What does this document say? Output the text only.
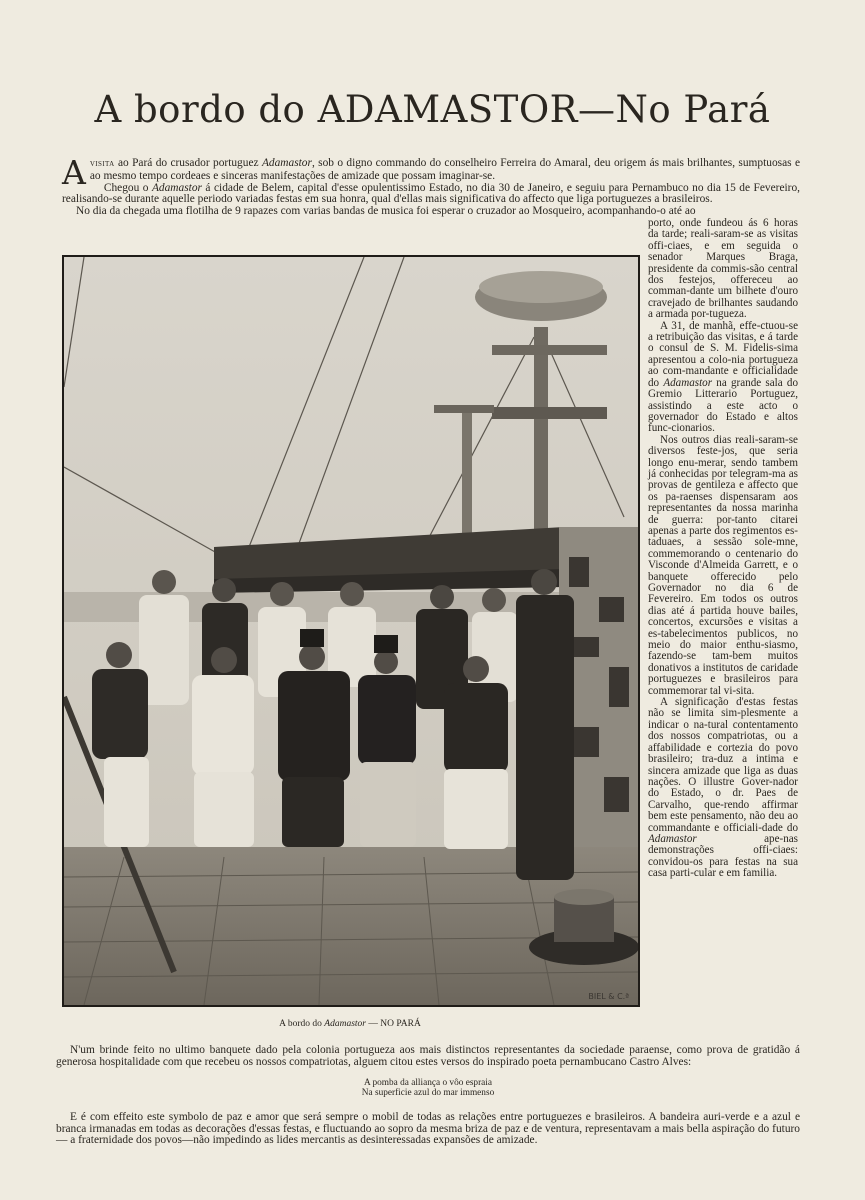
A bordo do ADAMASTOR—No Pará

Avisita ao Pará do crusador portuguez Adamastor, sob o digno commando do conselheiro Ferreira do Amaral, deu origem ás mais brilhantes, sumptuosas e ao mesmo tempo cordeaes e sinceras manifestações de amizade que possam imaginar-se.

Chegou o Adamastor á cidade de Belem, capital d'esse opulentissimo Estado, no dia 30 de Janeiro, e seguiu para Pernambuco no dia 15 de Fevereiro, realisando-se durante aquelle periodo variadas festas em sua honra, qual d'ellas mais significativa do affecto que liga portuguezes a brasileiros.

No dia da chegada uma flotilha de 9 rapazes com varias bandas de musica foi esperar o cruzador ao Mosqueiro, acompanhando-o até ao

BIEL & C.ª
A bordo do Adamastor — NO PARÁ

porto, onde fundeou ás 6 horas da tarde; reali-saram-se as visitas offi-ciaes, e em seguida o senador Marques Braga, presidente da commis-são central dos festejos, offereceu ao comman-dante um bilhete d'ouro cravejado de brilhantes saudando a armada por-tugueza.

A 31, de manhã, effe-ctuou-se a retribuição das visitas, e á tarde o consul de S. M. Fidelis-sima apresentou a colo-nia portugueza ao com-mandante e officialidade do Adamastor na grande sala do Gremio Litterario Portuguez, assistindo a este acto o governador do Estado e altos func-cionarios.

Nos outros dias reali-saram-se diversos feste-jos, que seria longo enu-merar, sendo tambem já conhecidas por telegram-ma as provas de gentileza e affecto que os pa-raenses dispensaram aos representantes da nossa marinha de guerra: por-tanto citarei apenas a parte dos regimentos es-taduaes, a sessão sole-mne, commemorando o centenario do Visconde d'Almeida Garrett, e o banquete offerecido pelo Governador no dia 6 de Fevereiro. Em todos os outros dias até á partida houve bailes, concertos, excursões e visitas a es-tabelecimentos publicos, no meio do maior enthu-siasmo, fazendo-se tam-bem muitos donativos a institutos de caridade portuguezes e brasileiros para commemorar tal vi-sita.

A significação d'estas festas não se limita sim-plesmente a indicar o na-tural contentamento dos nossos compatriotas, ou a affabilidade e cortezia do povo brasileiro; tra-duz a intima e sincera amizade que liga as duas nações. O illustre Gover-nador do Estado, o dr. Paes de Carvalho, que-rendo affirmar bem este pensamento, não deu ao commandante e officiali-dade do Adamastor ape-nas demonstrações offi-ciaes: convidou-os para festas na sua casa parti-cular e em familia.

N'um brinde feito no ultimo banquete dado pela colonia portugueza aos mais distinctos representantes da sociedade paraense, como prova de gratidão á generosa hospitalidade com que recebeu os nossos compatriotas, alguem citou estes versos do inspirado poeta pernambucano Castro Alves:

A pomba da alliança o vôo espraia
Na superficie azul do mar immenso

E é com effeito este symbolo de paz e amor que será sempre o mobil de todas as relações entre portuguezes e brasileiros. A bandeira auri-verde e a azul e branca irmanadas em todas as decorações d'essas festas, e fluctuando ao sopro da mesma briza de paz e de ventura, representavam a mais bella aspiração do futuro — a fraternidade dos povos—não impedindo as lides mercantis as desinteressadas expansões de amizade.
